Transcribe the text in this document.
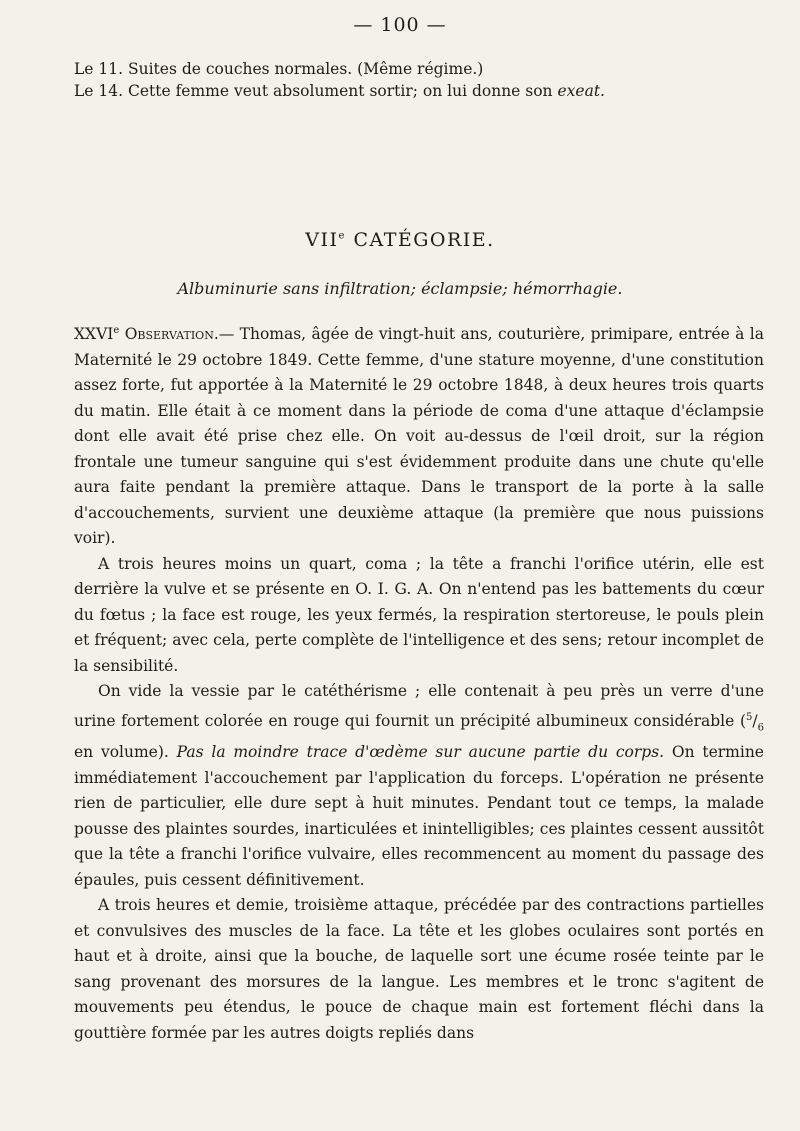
— 100 —

Le 11. Suites de couches normales. (Même régime.)

Le 14. Cette femme veut absolument sortir; on lui donne son exeat.

VIIe CATÉGORIE.
Albuminurie sans infiltration; éclampsie; hémorrhagie.

XXVIe Observation.— Thomas, âgée de vingt-huit ans, couturière, primipare, entrée à la Maternité le 29 octobre 1849. Cette femme, d'une stature moyenne, d'une constitution assez forte, fut apportée à la Maternité le 29 octobre 1848, à deux heures trois quarts du matin. Elle était à ce moment dans la période de coma d'une attaque d'éclampsie dont elle avait été prise chez elle. On voit au-dessus de l'œil droit, sur la région frontale une tumeur sanguine qui s'est évidemment produite dans une chute qu'elle aura faite pendant la première attaque. Dans le transport de la porte à la salle d'accouchements, survient une deuxième attaque (la première que nous puissions voir).

A trois heures moins un quart, coma ; la tête a franchi l'orifice utérin, elle est derrière la vulve et se présente en O. I. G. A. On n'entend pas les battements du cœur du fœtus ; la face est rouge, les yeux fermés, la respiration stertoreuse, le pouls plein et fréquent; avec cela, perte complète de l'intelligence et des sens; retour incomplet de la sensibilité.

On vide la vessie par le catéthérisme ; elle contenait à peu près un verre d'une urine fortement colorée en rouge qui fournit un précipité albumineux considérable ($^5/_6$ en volume). Pas la moindre trace d'œdème sur aucune partie du corps. On termine immédiatement l'accouchement par l'application du forceps. L'opération ne présente rien de particulier, elle dure sept à huit minutes. Pendant tout ce temps, la malade pousse des plaintes sourdes, inarticulées et inintelligibles; ces plaintes cessent aussitôt que la tête a franchi l'orifice vulvaire, elles recommencent au moment du passage des épaules, puis cessent définitivement.

A trois heures et demie, troisième attaque, précédée par des contractions partielles et convulsives des muscles de la face. La tête et les globes oculaires sont portés en haut et à droite, ainsi que la bouche, de laquelle sort une écume rosée teinte par le sang provenant des morsures de la langue. Les membres et le tronc s'agitent de mouvements peu étendus, le pouce de chaque main est fortement fléchi dans la gouttière formée par les autres doigts repliés dans
